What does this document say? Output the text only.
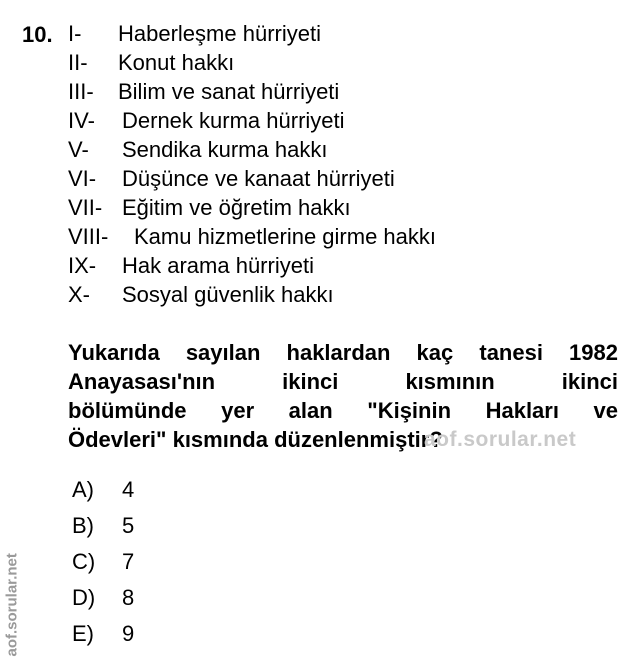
10. I- Haberleşme hürriyeti
II- Konut hakkı
III- Bilim ve sanat hürriyeti
IV- Dernek kurma hürriyeti
V- Sendika kurma hakkı
VI- Düşünce ve kanaat hürriyeti
VII- Eğitim ve öğretim hakkı
VIII- Kamu hizmetlerine girme hakkı
IX- Hak arama hürriyeti
X- Sosyal güvenlik hakkı
Yukarıda sayılan haklardan kaç tanesi 1982
Anayasası'nın ikinci kısmının ikinci
bölümünde yer alan "Kişinin Hakları ve
Ödevleri" kısmında düzenlenmiştir?
aof.sorular.net
A) 4
B) 5
C) 7
D) 8
E) 9
aof.sorular.net
